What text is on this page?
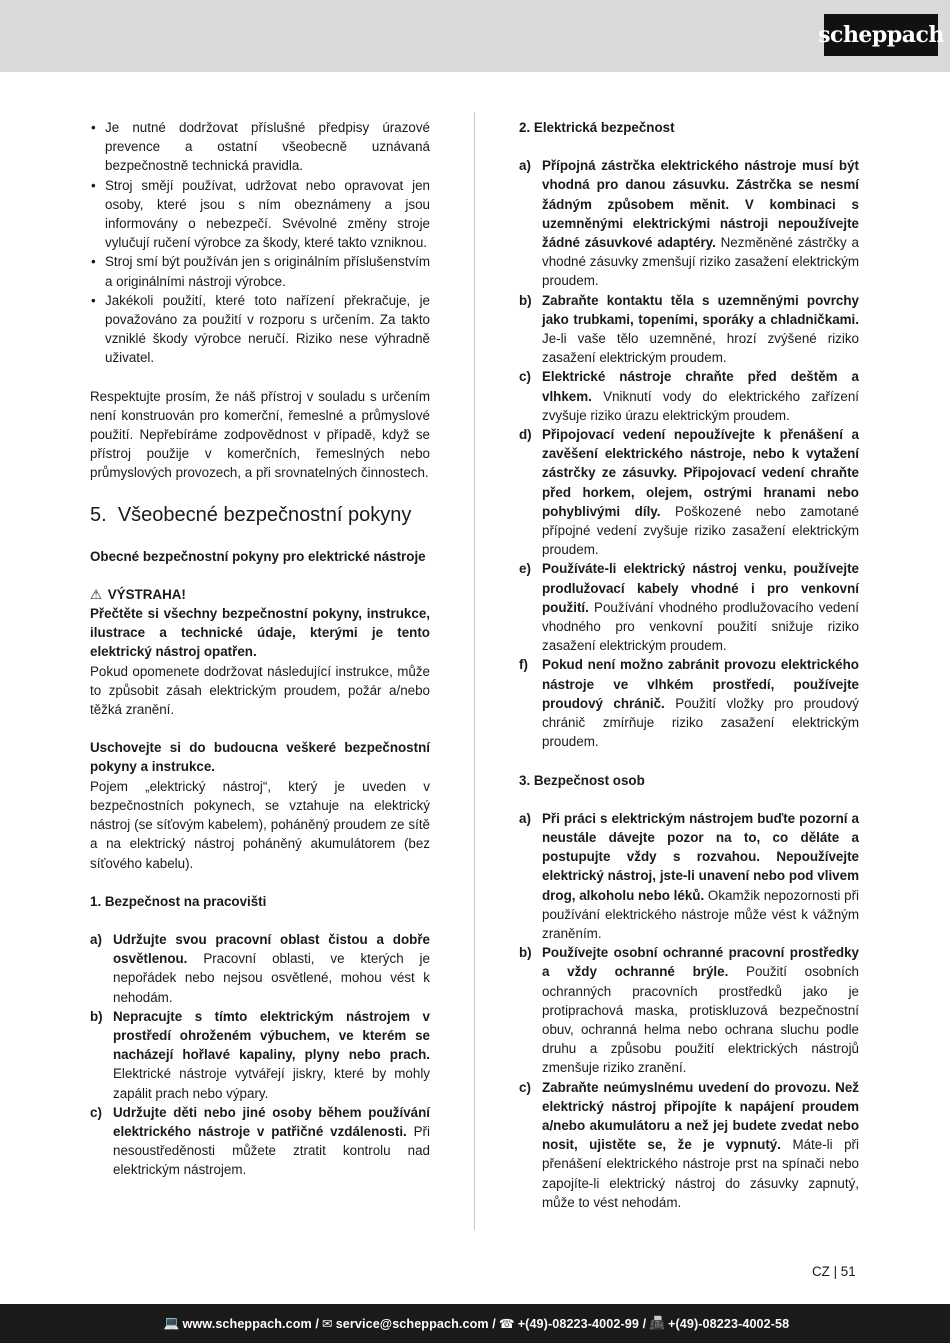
scheppach
• Je nutné dodržovat příslušné předpisy úrazové prevence a ostatní všeobecně uznávaná bezpečnostně technická pravidla.
• Stroj smějí používat, udržovat nebo opravovat jen osoby, které jsou s ním obeznámeny a jsou informovány o nebezpečí. Svévolné změny stroje vylučují ručení výrobce za škody, které takto vzniknou.
• Stroj smí být používán jen s originálním příslušenstvím a originálními nástroji výrobce.
• Jakékoli použití, které toto nařízení překračuje, je považováno za použití v rozporu s určením. Za takto vzniklé škody výrobce neručí. Riziko nese výhradně uživatel.

Respektujte prosím, že náš přístroj v souladu s určením není konstruován pro komerční, řemeslné a průmyslové použití. Nepřebíráme zodpovědnost v případě, když se přístroj použije v komerčních, řemeslných nebo průmyslových provozech, a při srovnatelných činnostech.

5. Všeobecné bezpečnostní pokyny

Obecné bezpečnostní pokyny pro elektrické nástroje

⚠ VÝSTRAHA!

Přečtěte si všechny bezpečnostní pokyny, instrukce, ilustrace a technické údaje, kterými je tento elektrický nástroj opatřen.

Pokud opomenete dodržovat následující instrukce, může to způsobit zásah elektrickým proudem, požár a/nebo těžká zranění.

Uschovejte si do budoucna veškeré bezpečnostní pokyny a instrukce.

Pojem „elektrický nástroj“, který je uveden v bezpečnostních pokynech, se vztahuje na elektrický nástroj (se síťovým kabelem), poháněný proudem ze sítě a na elektrický nástroj poháněný akumulátorem (bez síťového kabelu).

1. Bezpečnost na pracovišti

a) Udržujte svou pracovní oblast čistou a dobře osvětlenou. Pracovní oblasti, ve kterých je nepořádek nebo nejsou osvětlené, mohou vést k nehodám.
b) Nepracujte s tímto elektrickým nástrojem v prostředí ohroženém výbuchem, ve kterém se nacházejí hořlavé kapaliny, plyny nebo prach. Elektrické nástroje vytvářejí jiskry, které by mohly zapálit prach nebo výpary.
c) Udržujte děti nebo jiné osoby během používání elektrického nástroje v patřičné vzdálenosti. Při nesoustředěnosti můžete ztratit kontrolu nad elektrickým nástrojem.

2. Elektrická bezpečnost

a) Přípojná zástrčka elektrického nástroje musí být vhodná pro danou zásuvku. Zástrčka se nesmí žádným způsobem měnit. V kombinaci s uzemněnými elektrickými nástroji nepoužívejte žádné zásuvkové adaptéry. Nezměněné zástrčky a vhodné zásuvky zmenšují riziko zasažení elektrickým proudem.
b) Zabraňte kontaktu těla s uzemněnými povrchy jako trubkami, topeními, sporáky a chladničkami. Je-li vaše tělo uzemněné, hrozí zvýšené riziko zasažení elektrickým proudem.
c) Elektrické nástroje chraňte před deštěm a vlhkem. Vniknutí vody do elektrického zařízení zvyšuje riziko úrazu elektrickým proudem.
d) Připojovací vedení nepoužívejte k přenášení a zavěšení elektrického nástroje, nebo k vytažení zástrčky ze zásuvky. Připojovací vedení chraňte před horkem, olejem, ostrými hranami nebo pohyblivými díly. Poškozené nebo zamotané přípojné vedení zvyšuje riziko zasažení elektrickým proudem.
e) Používáte-li elektrický nástroj venku, používejte prodlužovací kabely vhodné i pro venkovní použití. Používání vhodného prodlužovacího vedení vhodného pro venkovní použití snižuje riziko zasažení elektrickým proudem.
f) Pokud není možno zabránit provozu elektrického nástroje ve vlhkém prostředí, používejte proudový chránič. Použití vložky pro proudový chránič zmírňuje riziko zasažení elektrickým proudem.

3. Bezpečnost osob

a) Při práci s elektrickým nástrojem buďte pozorní a neustále dávejte pozor na to, co děláte a postupujte vždy s rozvahou. Nepoužívejte elektrický nástroj, jste-li unavení nebo pod vlivem drog, alkoholu nebo léků. Okamžik nepozornosti při používání elektrického nástroje může vést k vážným zraněním.
b) Používejte osobní ochranné pracovní prostředky a vždy ochranné brýle. Použití osobních ochranných pracovních prostředků jako je protiprachová maska, protiskluzová bezpečnostní obuv, ochranná helma nebo ochrana sluchu podle druhu a způsobu použití elektrických nástrojů zmenšuje riziko zranění.
c) Zabraňte neúmyslnému uvedení do provozu. Než elektrický nástroj připojíte k napájení proudem a/nebo akumulátoru a než jej budete zvedat nebo nosit, ujistěte se, že je vypnutý. Máte-li při přenášení elektrického nástroje prst na spínači nebo zapojíte-li elektrický nástroj do zásuvky zapnutý, může to vést nehodám.
CZ | 51
💻 www.scheppach.com
/ ✉ service@scheppach.com
/ ☎ +(49)-08223-4002-99
/ 📠 +(49)-08223-4002-58
